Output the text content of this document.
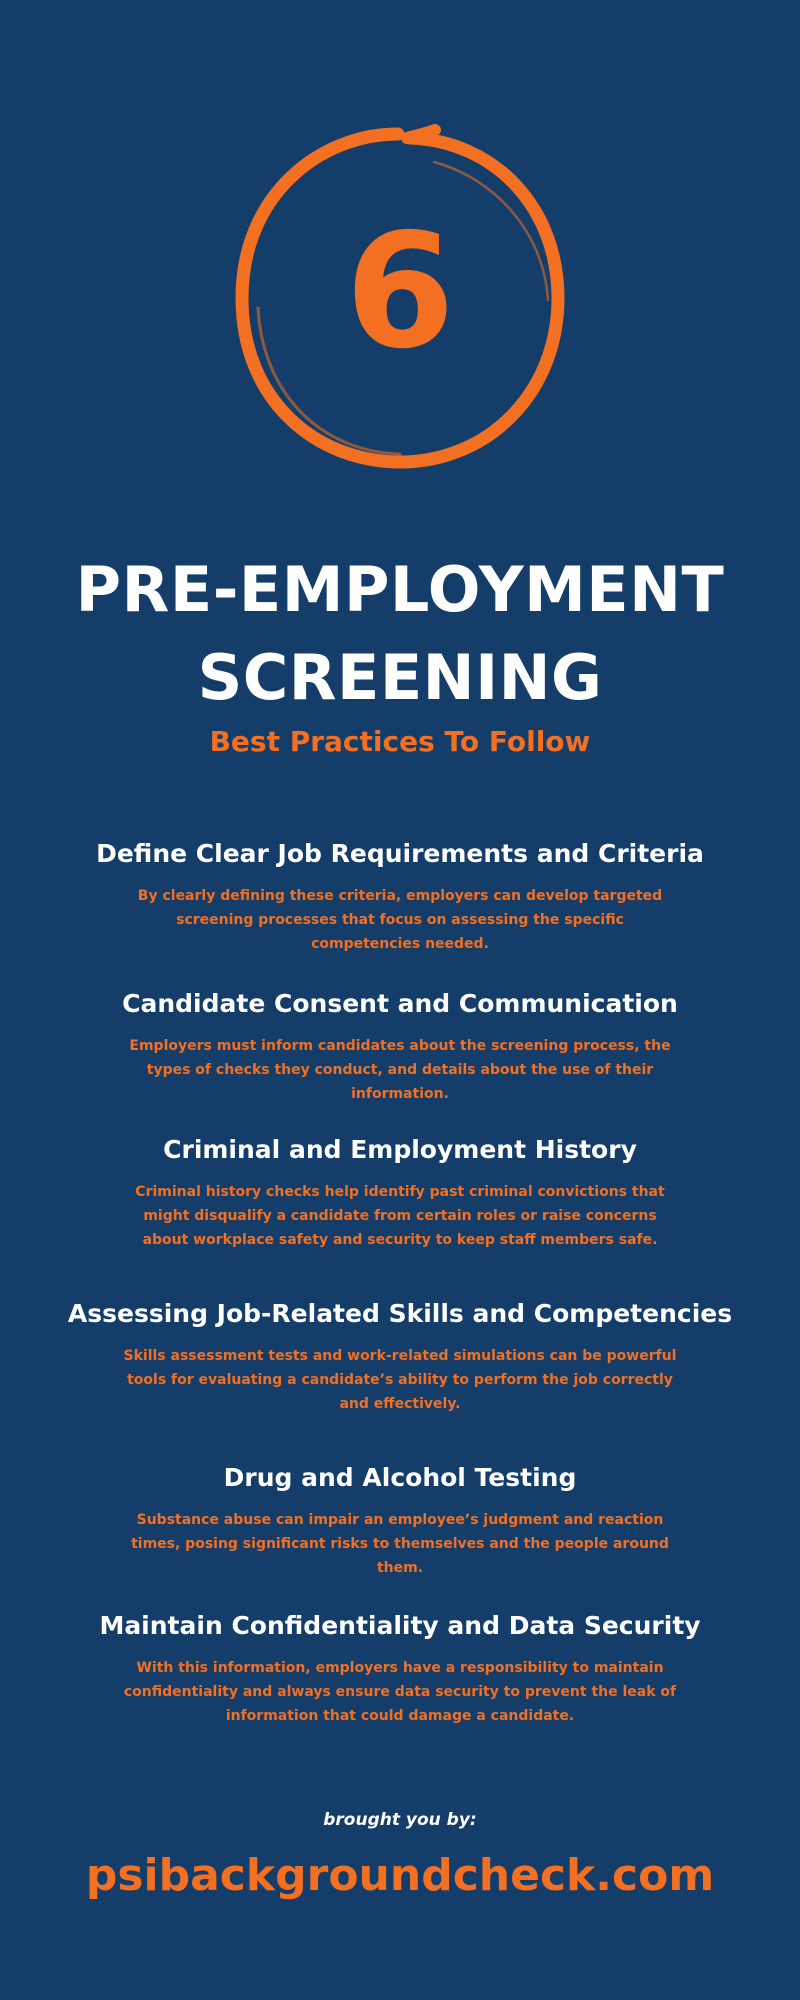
6
PRE-EMPLOYMENT
SCREENING
Best Practices To Follow
Define Clear Job Requirements and Criteria

By clearly defining these criteria, employers can develop targeted screening processes that focus on assessing the specific competencies needed.

Candidate Consent and Communication

Employers must inform candidates about the screening process, the types of checks they conduct, and details about the use of their information.

Criminal and Employment History

Criminal history checks help identify past criminal convictions that might disqualify a candidate from certain roles or raise concerns about workplace safety and security to keep staff members safe.

Assessing Job-Related Skills and Competencies

Skills assessment tests and work-related simulations can be powerful tools for evaluating a candidate’s ability to perform the job correctly and effectively.

Drug and Alcohol Testing

Substance abuse can impair an employee’s judgment and reaction times, posing significant risks to themselves and the people around them.

Maintain Confidentiality and Data Security

With this information, employers have a responsibility to maintain confidentiality and always ensure data security to prevent the leak of information that could damage a candidate.

brought you by:
psibackgroundcheck.com
